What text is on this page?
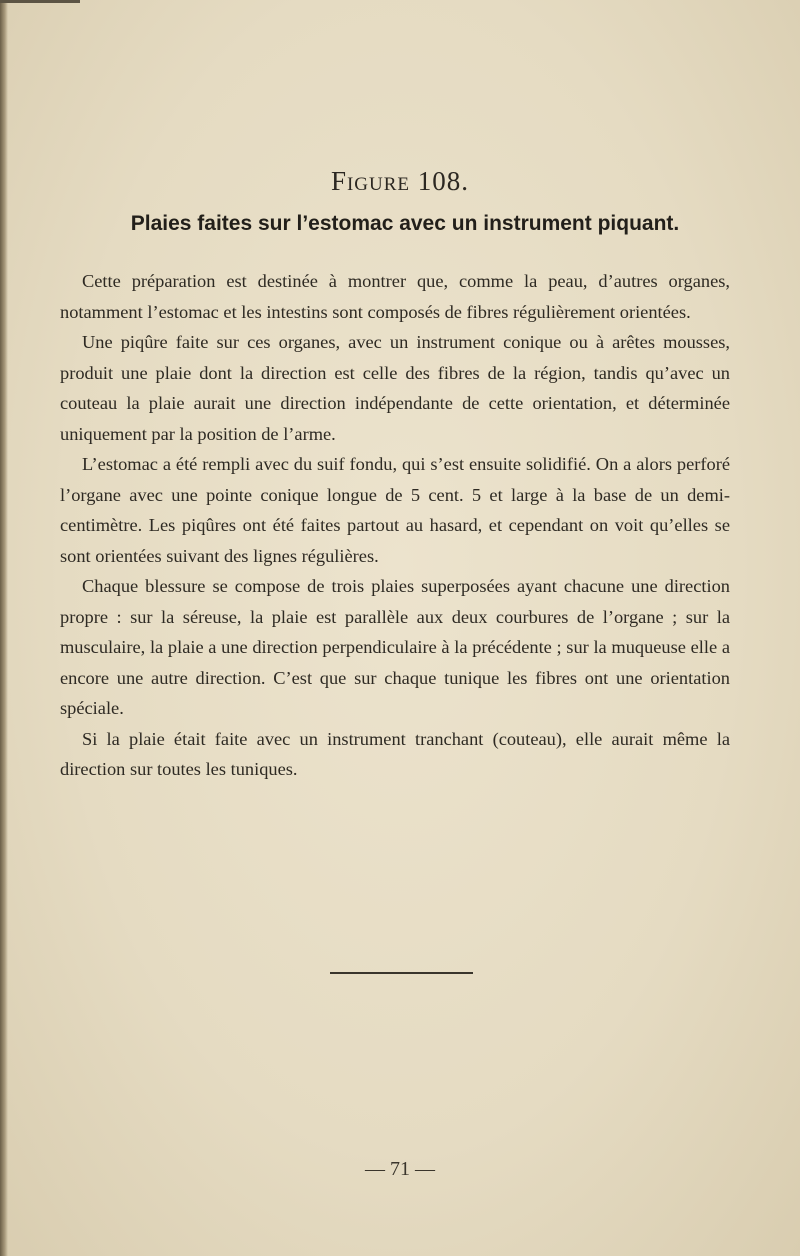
Figure 108.
Plaies faites sur l’estomac avec un instrument piquant.

Cette préparation est destinée à montrer que, comme la peau, d’autres organes, notamment l’estomac et les intestins sont composés de fibres régulièrement orientées.

Une piqûre faite sur ces organes, avec un instrument conique ou à arêtes mousses, produit une plaie dont la direction est celle des fibres de la région, tandis qu’avec un couteau la plaie aurait une direction indépendante de cette orientation, et déterminée uniquement par la position de l’arme.

L’estomac a été rempli avec du suif fondu, qui s’est ensuite solidifié. On a alors perforé l’organe avec une pointe conique longue de 5 cent. 5 et large à la base de un demi-centimètre. Les piqûres ont été faites partout au hasard, et cependant on voit qu’elles se sont orientées suivant des lignes régulières.

Chaque blessure se compose de trois plaies superposées ayant chacune une direction propre : sur la séreuse, la plaie est parallèle aux deux courbures de l’organe ; sur la musculaire, la plaie a une direction perpendiculaire à la précédente ; sur la muqueuse elle a encore une autre direction. C’est que sur chaque tunique les fibres ont une orientation spéciale.

Si la plaie était faite avec un instrument tranchant (couteau), elle aurait même la direction sur toutes les tuniques.

— 71 —
